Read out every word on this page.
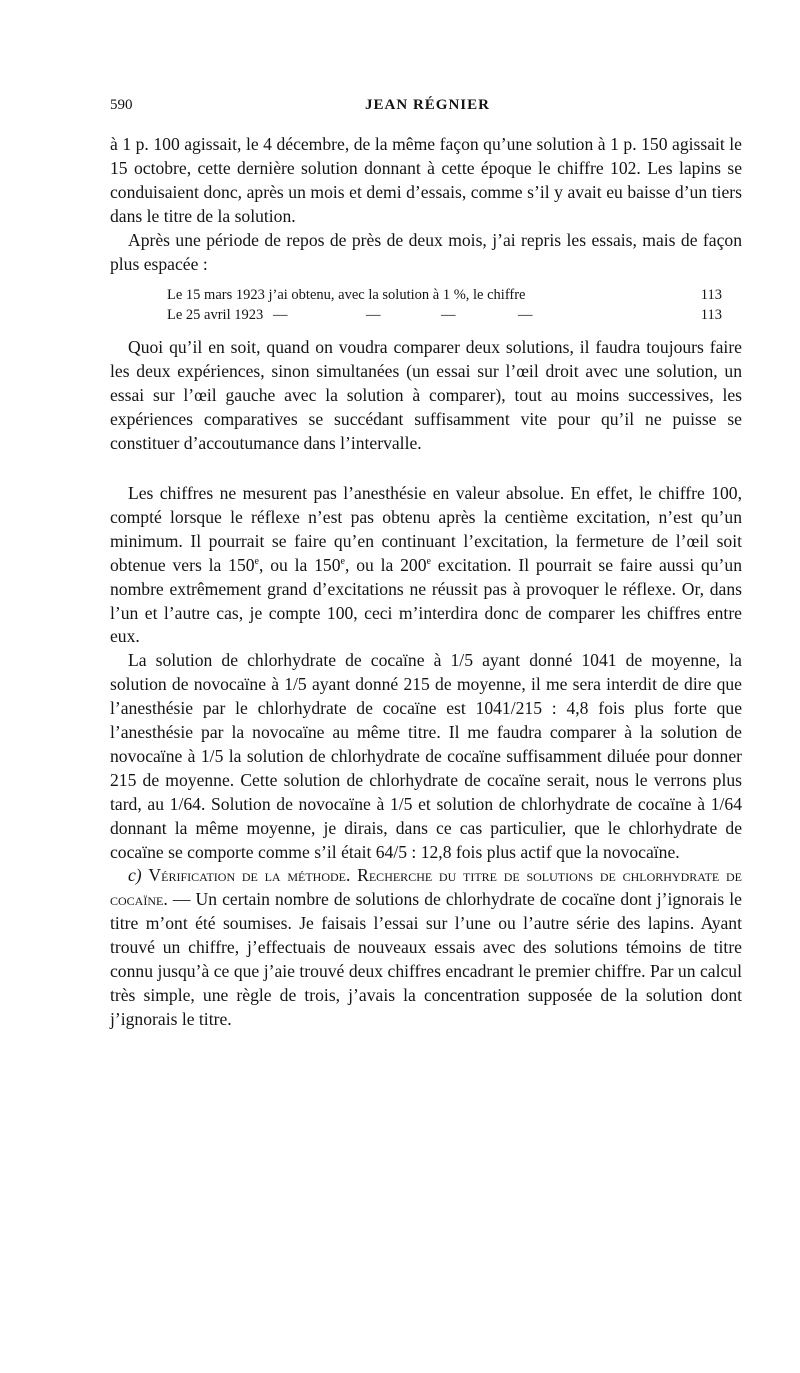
590	JEAN RÉGNIER

à 1 p. 100 agissait, le 4 décembre, de la même façon qu’une solution à 1 p. 150 agissait le 15 octobre, cette dernière solution donnant à cette époque le chiffre 102. Les lapins se conduisaient donc, après un mois et demi d’essais, comme s’il y avait eu baisse d’un tiers dans le titre de la solution.

Après une période de repos de près de deux mois, j’ai repris les essais, mais de façon plus espacée :

Le 15 mars 1923 j’ai obtenu, avec la solution à 1 %, le chiffre	113
Le 25 avril 1923 —	—	—	—	113

Quoi qu’il en soit, quand on voudra comparer deux solutions, il faudra toujours faire les deux expériences, sinon simultanées (un essai sur l’œil droit avec une solution, un essai sur l’œil gauche avec la solution à comparer), tout au moins successives, les expériences comparatives se succédant suffisamment vite pour qu’il ne puisse se constituer d’accoutumance dans l’intervalle.

Les chiffres ne mesurent pas l’anesthésie en valeur absolue. En effet, le chiffre 100, compté lorsque le réflexe n’est pas obtenu après la centième excitation, n’est qu’un minimum. Il pourrait se faire qu’en continuant l’excitation, la fermeture de l’œil soit obtenue vers la 150e, ou la 150e, ou la 200e excitation. Il pourrait se faire aussi qu’un nombre extrêmement grand d’excitations ne réussit pas à provoquer le réflexe. Or, dans l’un et l’autre cas, je compte 100, ceci m’interdira donc de comparer les chiffres entre eux.

La solution de chlorhydrate de cocaïne à 1/5 ayant donné 1041 de moyenne, la solution de novocaïne à 1/5 ayant donné 215 de moyenne, il me sera interdit de dire que l’anesthésie par le chlorhydrate de cocaïne est 1041/215 : 4,8 fois plus forte que l’anesthésie par la novocaïne au même titre. Il me faudra comparer à la solution de novocaïne à 1/5 la solution de chlorhydrate de cocaïne suffisamment diluée pour donner 215 de moyenne. Cette solution de chlorhydrate de cocaïne serait, nous le verrons plus tard, au 1/64. Solution de novocaïne à 1/5 et solution de chlorhydrate de cocaïne à 1/64 donnant la même moyenne, je dirais, dans ce cas particulier, que le chlorhydrate de cocaïne se comporte comme s’il était 64/5 : 12,8 fois plus actif que la novocaïne.

c) Vérification de la méthode. Recherche du titre de solutions de chlorhydrate de cocaïne. — Un certain nombre de solutions de chlorhydrate de cocaïne dont j’ignorais le titre m’ont été soumises. Je faisais l’essai sur l’une ou l’autre série des lapins. Ayant trouvé un chiffre, j’effectuais de nouveaux essais avec des solutions témoins de titre connu jusqu’à ce que j’aie trouvé deux chiffres encadrant le premier chiffre. Par un calcul très simple, une règle de trois, j’avais la concentration supposée de la solution dont j’ignorais le titre.
